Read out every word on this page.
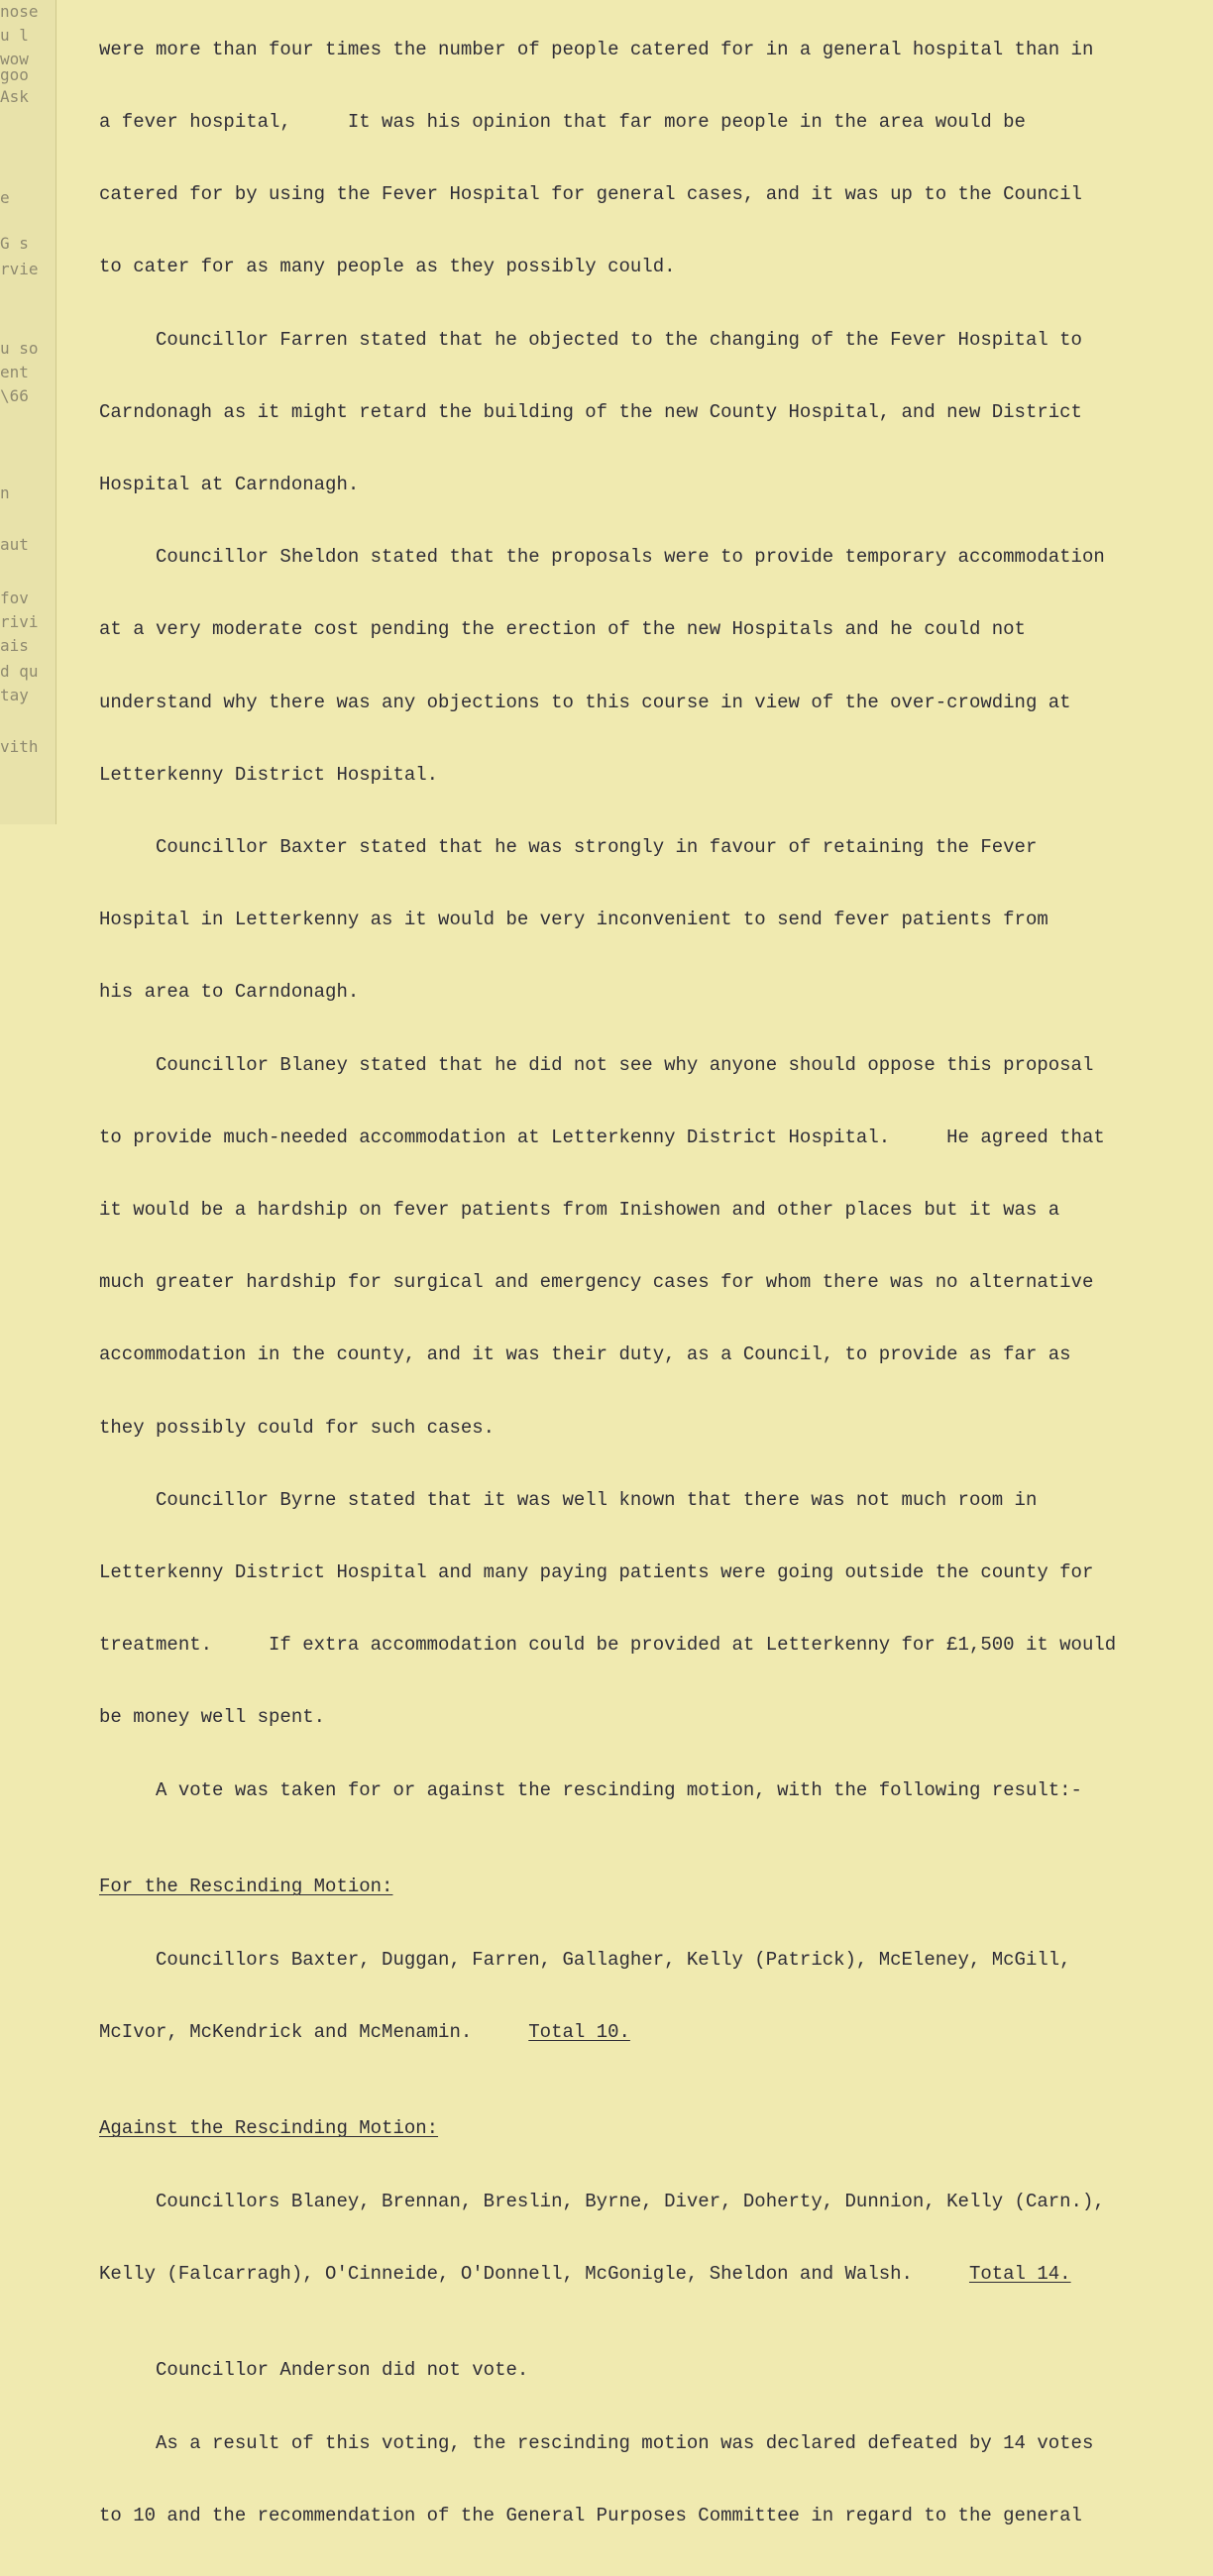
nose
u l
wow
goo
Ask
e
G s
rvie
u so
ent
\66
n
aut
fov
rivi
ais
d qu
tay
vith

were more than four times the number of people catered for in a general hospital than in

a fever hospital,     It was his opinion that far more people in the area would be

catered for by using the Fever Hospital for general cases, and it was up to the Council

to cater for as many people as they possibly could.

Councillor Farren stated that he objected to the changing of the Fever Hospital to

Carndonagh as it might retard the building of the new County Hospital, and new District

Hospital at Carndonagh.

Councillor Sheldon stated that the proposals were to provide temporary accommodation

at a very moderate cost pending the erection of the new Hospitals and he could not

understand why there was any objections to this course in view of the over-crowding at

Letterkenny District Hospital.

Councillor Baxter stated that he was strongly in favour of retaining the Fever

Hospital in Letterkenny as it would be very inconvenient to send fever patients from

his area to Carndonagh.

Councillor Blaney stated that he did not see why anyone should oppose this proposal

to provide much-needed accommodation at Letterkenny District Hospital.     He agreed that

it would be a hardship on fever patients from Inishowen and other places but it was a

much greater hardship for surgical and emergency cases for whom there was no alternative

accommodation in the county, and it was their duty, as a Council, to provide as far as

they possibly could for such cases.

Councillor Byrne stated that it was well known that there was not much room in

Letterkenny District Hospital and many paying patients were going outside the county for

treatment.     If extra accommodation could be provided at Letterkenny for £1,500 it would

be money well spent.

A vote was taken for or against the rescinding motion, with the following result:-

For the Rescinding Motion:

Councillors Baxter, Duggan, Farren, Gallagher, Kelly (Patrick), McEleney, McGill,

McIvor, McKendrick and McMenamin.     Total 10.

Against the Rescinding Motion:

Councillors Blaney, Brennan, Breslin, Byrne, Diver, Doherty, Dunnion, Kelly (Carn.),

Kelly (Falcarragh), O'Cinneide, O'Donnell, McGonigle, Sheldon and Walsh.     Total 14.

Councillor Anderson did not vote.

As a result of this voting, the rescinding motion was declared defeated by 14 votes

to 10 and the recommendation of the General Purposes Committee in regard to the general
